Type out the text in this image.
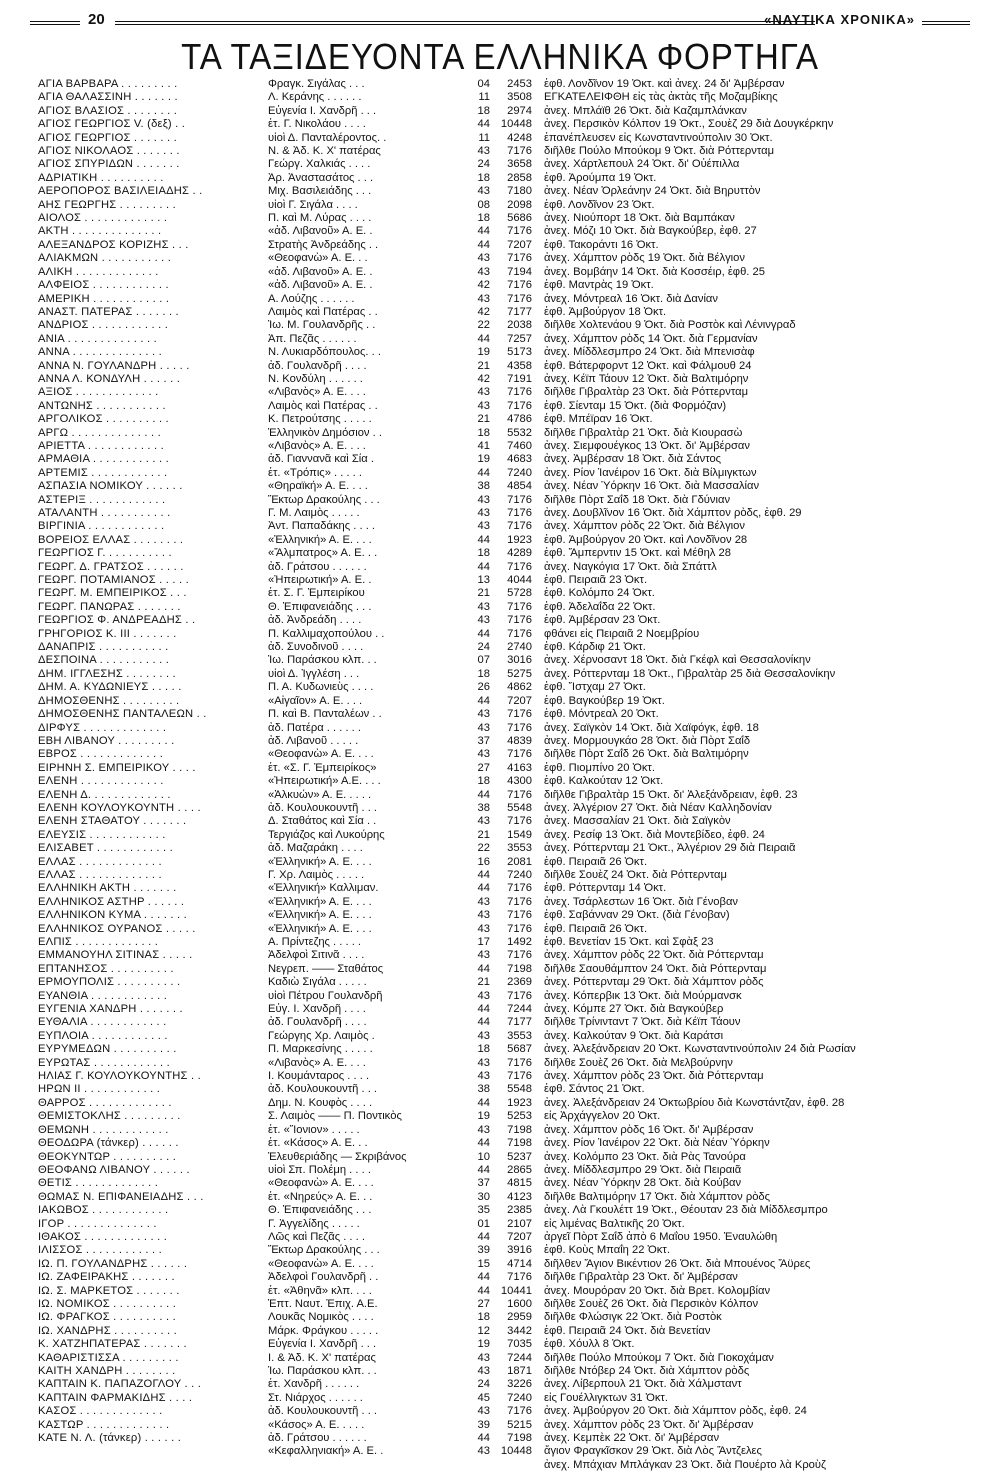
20	«ΝΑΥΤΙΚΑ ΧΡΟΝΙΚΑ»
ΤΑ ΤΑΞΙΔΕΥΟΝΤΑ ΕΛΛΗΝΙΚΑ ΦΟΡΤΗΓΑ
ΑΓΙΑ ΒΑΡΒΑΡΑ . . . . . . . . .	Φραγκ. Σιγάλας . . .	04	2453	ἐφθ. Λονδῖνον 19 Ὀκτ. καὶ ἀνεχ. 24 δι' Ἀμβέρσαν
ΑΓΙΑ ΘΑΛΑΣΣΙΝΗ . . . . . . .	Λ. Κεράνης . . . . . .	11	3508	ΕΓΚΑΤΕΛΕΙΦΘΗ εἰς τὰς ἀκτὰς τῆς Μοζαμβίκης
ΑΓΙΟΣ ΒΛΑΣΙΟΣ . . . . . . . .	Εὐγενία Ι. Χανδρῆ . . .	18	2974	ἀνεχ. Μπλάϊθ 26 Ὀκτ. διὰ Καζαμπλάνκαν
ΑΓΙΟΣ ΓΕΩΡΓΙΟΣ V. (δεξ) . .	ἑτ. Γ. Νικολάου . . . .	44	10448	ἀνεχ. Περσικὸν Κόλπον 19 Ὀκτ., Σουὲζ 29 διὰ Δουγκέρκην
ΑΓΙΟΣ ΓΕΩΡΓΙΟΣ . . . . . . .	υἱοὶ Δ. Πανταλέροντος. .	11	4248	ἐπανέπλευσεν εἰς Κωνσταντινούπολιν 30 Ὀκτ.
ΑΓΙΟΣ ΝΙΚΟΛΑΟΣ . . . . . . .	Ν. & Ἀδ. Κ. Χ' πατέρας	43	7176	διῆλθε Πούλο Μπούκομ 9 Ὀκτ. διὰ Ρόττερνταμ
ΑΓΙΟΣ ΣΠΥΡΙΔΩΝ . . . . . . .	Γεώργ. Χαλκιάς . . . .	24	3658	ἀνεχ. Χάρτλεπουλ 24 Ὀκτ. δι' Οὐέπιλλα
ΑΔΡΙΑΤΙΚΗ . . . . . . . . . .	Ἀρ. Ἀναστασάτος . . .	18	2858	ἐφθ. Ἀρούμπα 19 Ὀκτ.
ΑΕΡΟΠΟΡΟΣ ΒΑΣΙΛΕΙΑΔΗΣ . .	Μιχ. Βασιλειάδης . . .	43	7180	ἀνεχ. Νέαν Ὀρλεάνην 24 Ὀκτ. διὰ Βηρυττὸν
ΑΗΣ ΓΕΩΡΓΗΣ . . . . . . . . .	υἱοὶ Γ. Σιγάλα . . . .	08	2098	ἐφθ. Λονδῖνον 23 Ὀκτ.
ΑΙΟΛΟΣ . . . . . . . . . . . . .	Π. καὶ Μ. Λύρας . . . .	18	5686	ἀνεχ. Νιούπορτ 18 Ὀκτ. διὰ Βαμπάκαν
ΑΚΤΗ . . . . . . . . . . . . . .	«ἀδ. Λιβανοῦ» Α. Ε. .	44	7176	ἀνεχ. Μόζι 10 Ὀκτ. διὰ Βαγκούβερ, ἐφθ. 27
ΑΛΕΞΑΝΔΡΟΣ ΚΟΡΙΖΗΣ . . .	Στρατὴς Ἀνδρεάδης . .	44	7207	ἐφθ. Τακοράντι 16 Ὀκτ.
ΑΛΙΑΚΜΩΝ . . . . . . . . . . .	«Θεοφανὼ» Α. Ε. . .	43	7176	ἀνεχ. Χάμπτον ρὸδς 19 Ὀκτ. διὰ Βέλγιον
ΑΛΙΚΗ . . . . . . . . . . . . .	«ἀδ. Λιβανοῦ» Α. Ε. .	43	7194	ἀνεχ. Βομβάην 14 Ὀκτ. διὰ Κοσσέιρ, ἐφθ. 25
ΑΛΦΕΙΟΣ . . . . . . . . . . . .	«ἀδ. Λιβανοῦ» Α. Ε. .	42	7176	ἐφθ. Μαντρὰς 19 Ὀκτ.
ΑΜΕΡΙΚΗ . . . . . . . . . . . .	Α. Λούζης . . . . . .	43	7176	ἀνεχ. Μόντρεαλ 16 Ὀκτ. διὰ Δανίαν
ΑΝΑΣΤ. ΠΑΤΕΡΑΣ . . . . . . .	Λαιμὸς καὶ Πατέρας . .	42	7177	ἐφθ. Ἀμβούργον 18 Ὀκτ.
ΑΝΔΡΙΟΣ . . . . . . . . . . . .	Ἰω. Μ. Γουλανδρῆς . .	22	2038	διῆλθε Χολτενάου 9 Ὀκτ. διὰ Ροστὸκ καὶ Λένινγραδ
ΑΝΙΑ . . . . . . . . . . . . . .	Ἀπ. Πεζᾶς . . . . . .	44	7257	ἀνεχ. Χάμπτον ρὸδς 14 Ὀκτ. διὰ Γερμανίαν
ΑΝΝΑ . . . . . . . . . . . . . .	Ν. Λυκιαρδόπουλος. . .	19	5173	ἀνεχ. Μίδδλεσμπρο 24 Ὀκτ. διὰ Μπενισὰφ
ΑΝΝΑ Ν. ΓΟΥΛΑΝΔΡΗ . . . . .	ἀδ. Γουλανδρῆ . . . .	21	4358	ἐφθ. Βάτερφορντ 12 Ὀκτ. καὶ Φάλμουθ 24
ΑΝΝΑ Λ. ΚΟΝΔΥΛΗ . . . . . .	Ν. Κονδύλη . . . . . .	42	7191	ἀνεχ. Κέϊπ Τάουν 12 Ὀκτ. διὰ Βαλτιμόρην
ΑΞΙΟΣ . . . . . . . . . . . . .	«Λιβανὸς» Α. Ε. . . .	43	7176	διῆλθε Γιβραλτὰρ 23 Ὀκτ. διὰ Ρόττερνταμ
ΑΝΤΩΝΗΣ . . . . . . . . . . .	Λαιμὸς καὶ Πατέρας . .	43	7176	ἐφθ. Σίενταμ 15 Ὀκτ. (διὰ Φορμόζαν)
ΑΡΓΟΛΙΚΟΣ . . . . . . . . . .	Κ. Πετρούτσης . . . . .	21	4786	ἐφθ. Μπέϊραν 16 Ὀκτ.
ΑΡΓΩ . . . . . . . . . . . . . .	Ἑλληνικὸν Δημόσιον . .	18	5532	διῆλθε Γιβραλτὰρ 21 Ὀκτ. διὰ Κιουρασὼ
ΑΡΙΕΤΤΑ . . . . . . . . . . . .	«Λιβανὸς» Α. Ε. . . .	41	7460	ἀνεχ. Σιεμφουέγκος 13 Ὀκτ. δι' Ἀμβέρσαν
ΑΡΜΑΘΙΑ . . . . . . . . . . . .	ἀδ. Γιαννανᾶ καὶ Σία .	19	4683	ἀνεχ. Ἀμβέρσαν 18 Ὀκτ. διὰ Σάντος
ΑΡΤΕΜΙΣ . . . . . . . . . . . .	ἑτ. «Τρόπις» . . . . .	44	7240	ἀνεχ. Ρίον Ἰανέιρον 16 Ὀκτ. διὰ Βίλμιγκτων
ΑΣΠΑΣΙΑ ΝΟΜΙΚΟΥ . . . . . .	«Θηραϊκή» Α. Ε. . . .	38	4854	ἀνεχ. Νέαν Ὑόρκην 16 Ὀκτ. διὰ Μασσαλίαν
ΑΣΤΕΡΙΞ . . . . . . . . . . . .	Ἕκτωρ Δρακούλης . . .	43	7176	διῆλθε Πὸρτ Σαΐδ 18 Ὀκτ. διὰ Γδύνιαν
ΑΤΑΛΑΝΤΗ . . . . . . . . . . .	Γ. Μ. Λαιμὸς . . . . .	43	7176	ἀνεχ. Δουβλῖνον 16 Ὀκτ. διὰ Χάμπτον ρὸδς, ἐφθ. 29
ΒΙΡΓΙΝΙΑ . . . . . . . . . . . .	Ἀντ. Παπαδάκης . . . .	43	7176	ἀνεχ. Χάμπτον ρὸδς 22 Ὀκτ. διὰ Βέλγιον
ΒΟΡΕΙΟΣ ΕΛΛΑΣ . . . . . . . .	«Ἑλληνική» Α. Ε. . . .	44	1923	ἐφθ. Ἀμβούργον 20 Ὀκτ. καὶ Λονδῖνον 28
ΓΕΩΡΓΙΟΣ Γ. . . . . . . . . . .	«Ἄλμπατρος» Α. Ε. . .	18	4289	ἐφθ. Ἄμπερντιν 15 Ὀκτ. καὶ Μέθηλ 28
ΓΕΩΡΓ. Δ. ΓΡΑΤΣΟΣ . . . . . .	ἀδ. Γράτσου . . . . . .	44	7176	ἀνεχ. Ναγκόγια 17 Ὀκτ. διὰ Σπάττλ
ΓΕΩΡΓ. ΠΟΤΑΜΙΑΝΟΣ . . . . .	«Ἠπειρωτική» Α. Ε. .	13	4044	ἐφθ. Πειραιᾶ 23 Ὀκτ.
ΓΕΩΡΓ. Μ. ΕΜΠΕΙΡΙΚΟΣ . . .	ἑτ. Σ. Γ. Ἐμπειρίκου	21	5728	ἐφθ. Κολόμπο 24 Ὀκτ.
ΓΕΩΡΓ. ΠΑΝΩΡΑΣ . . . . . . .	Θ. Ἐπιφανειάδης . . .	43	7176	ἐφθ. Ἀδελαΐδα 22 Ὀκτ.
ΓΕΩΡΓΙΟΣ Φ. ΑΝΔΡΕΑΔΗΣ . .	ἀδ. Ἀνδρεάδη . . . .	43	7176	ἐφθ. Ἀμβέρσαν 23 Ὀκτ.
ΓΡΗΓΟΡΙΟΣ Κ. ΙΙΙ . . . . . . .	Π. Καλλιμαχοπούλου . .	44	7176	φθάνει εἰς Πειραιᾶ 2 Νοεμβρίου
ΔΑΝΑΠΡΙΣ . . . . . . . . . . .	ἀδ. Συνοδινοῦ . . . .	24	2740	ἐφθ. Κάρδιφ 21 Ὀκτ.
ΔΕΣΠΟΙΝΑ . . . . . . . . . . .	Ἰω. Παράσκου κλπ. . .	07	3016	ἀνεχ. Χέρνοσαντ 18 Ὀκτ. διὰ Γκέφλ καὶ Θεσσαλονίκην
ΔΗΜ. ΙΓΓΛΕΣΗΣ . . . . . . . .	υἱοὶ Δ. Ἰγγλέση . . .	18	5275	ἀνεχ. Ρόττερνταμ 18 Ὀκτ., Γιβραλτὰρ 25 διὰ Θεσσαλονίκην
ΔΗΜ. Α. ΚΥΔΩΝΙΕΥΣ . . . . .	Π. Α. Κυδωνιεὺς . . . .	26	4862	ἐφθ. Ἴστχαμ 27 Ὀκτ.
ΔΗΜΟΣΘΕΝΗΣ . . . . . . . . .	«Αἰγαῖον» Α. Ε. . . .	44	7207	ἐφθ. Βαγκούβερ 19 Ὀκτ.
ΔΗΜΟΣΘΕΝΗΣ ΠΑΝΤΑΛΕΩΝ . .	Π. καὶ Β. Πανταλέων . .	43	7176	ἐφθ. Μόντρεαλ 20 Ὀκτ.
ΔΙΡΦΥΣ . . . . . . . . . . . . .	ἀδ. Πατέρα . . . . . .	43	7176	ἀνεχ. Σαϊγκὸν 14 Ὀκτ. διὰ Χαϊφόγκ, ἐφθ. 18
ΕΒΗ ΛΙΒΑΝΟΥ . . . . . . . . .	ἀδ. Λιβανοῦ . . . . .	37	4839	ἀνεχ. Μορμουγκάο 28 Ὀκτ. διὰ Πὸρτ Σαΐδ
ΕΒΡΟΣ . . . . . . . . . . . . .	«Θεοφανὼ» Α. Ε. . . .	43	7176	διῆλθε Πὸρτ Σαΐδ 26 Ὀκτ. διὰ Βαλτιμόρην
ΕΙΡΗΝΗ Σ. ΕΜΠΕΙΡΙΚΟΥ . . . .	ἑτ. «Σ. Γ. Ἐμπειρίκος»	27	4163	ἐφθ. Πιομπίνο 20 Ὀκτ.
ΕΛΕΝΗ . . . . . . . . . . . . .	«Ἠπειρωτική» Α.Ε. . . .	18	4300	ἐφθ. Καλκούταν 12 Ὀκτ.
ΕΛΕΝΗ Δ. . . . . . . . . . . . .	«Ἀλκυών» Α. Ε. . . . .	44	7176	διῆλθε Γιβραλτὰρ 15 Ὀκτ. δι' Ἀλεξάνδρειαν, ἐφθ. 23
ΕΛΕΝΗ ΚΟΥΛΟΥΚΟΥΝΤΗ . . . .	ἀδ. Κουλουκουντῆ . . .	38	5548	ἀνεχ. Ἀλγέριον 27 Ὀκτ. διὰ Νέαν Καλληδονίαν
ΕΛΕΝΗ ΣΤΑΘΑΤΟΥ . . . . . . .	Δ. Σταθάτος καὶ Σία . .	43	7176	ἀνεχ. Μασσαλίαν 21 Ὀκτ. διὰ Σαϊγκὸν
ΕΛΕΥΣΙΣ . . . . . . . . . . . .	Τεργιάζος καὶ Λυκούρης	21	1549	ἀνεχ. Ρεσίφ 13 Ὀκτ. διὰ Μοντεβίδεο, ἐφθ. 24
ΕΛΙΣΑΒΕΤ . . . . . . . . . . . .	ἀδ. Μαζαράκη . . . .	22	3553	ἀνεχ. Ρόττερνταμ 21 Ὀκτ., Ἀλγέριον 29 διὰ Πειραιᾶ
ΕΛΛΑΣ . . . . . . . . . . . . .	«Ἑλληνική» Α. Ε. . . .	16	2081	ἐφθ. Πειραιᾶ 26 Ὀκτ.
ΕΛΛΑΣ . . . . . . . . . . . . .	Γ. Χρ. Λαιμὸς . . . . .	44	7240	διῆλθε Σουὲζ 24 Ὀκτ. διὰ Ρόττερνταμ
ΕΛΛΗΝΙΚΗ ΑΚΤΗ . . . . . . .	«Ἑλληνική» Καλλιμαν.	44	7176	ἐφθ. Ρόττερνταμ 14 Ὀκτ.
ΕΛΛΗΝΙΚΟΣ ΑΣΤΗΡ . . . . . .	«Ἑλληνική» Α. Ε. . . .	43	7176	ἀνεχ. Τσάρλεστων 16 Ὀκτ. διὰ Γένοβαν
ΕΛΛΗΝΙΚΟΝ ΚΥΜΑ . . . . . . .	«Ἑλληνική» Α. Ε. . . .	43	7176	ἐφθ. Σαβάνναν 29 Ὀκτ. (διὰ Γένοβαν)
ΕΛΛΗΝΙΚΟΣ ΟΥΡΑΝΟΣ . . . . .	«Ἑλληνική» Α. Ε. . . .	43	7176	ἐφθ. Πειραιᾶ 26 Ὀκτ.
ΕΛΠΙΣ . . . . . . . . . . . . .	Α. Πρίντεζης . . . . .	17	1492	ἐφθ. Βενετίαν 15 Ὀκτ. καὶ Σφὰξ 23
ΕΜΜΑΝΟΥΗΛ ΣΙΤΙΝΑΣ . . . . .	Ἀδελφοὶ Σιτινᾶ . . . .	43	7176	ἀνεχ. Χάμπτον ρὸδς 22 Ὀκτ. διὰ Ρόττερνταμ
ΕΠΤΑΝΗΣΟΣ . . . . . . . . . .	Νεγρεπ. —— Σταθάτος	44	7198	διῆλθε Σαουθάμπτον 24 Ὀκτ. διὰ Ρόττερνταμ
ΕΡΜΟΥΠΟΛΙΣ . . . . . . . . . .	Καδιὼ Σιγάλα . . . . .	21	2369	ἀνεχ. Ρόττερνταμ 29 Ὀκτ. διὰ Χάμπτον ρὸδς
ΕΥΑΝΘΙΑ . . . . . . . . . . . .	υἱοὶ Πέτρου Γουλανδρῆ	43	7176	ἀνεχ. Κόπερβικ 13 Ὀκτ. διὰ Μούρμανσκ
ΕΥΓΕΝΙΑ ΧΑΝΔΡΗ . . . . . . .	Εὐγ. Ι. Χανδρῆ . . . .	44	7244	ἀνεχ. Κόμπε 27 Ὀκτ. διὰ Βαγκούβερ
ΕΥΘΑΛΙΑ . . . . . . . . . . . .	ἀδ. Γουλανδρῆ . . . .	44	7177	διῆλθε Τρίνινταντ 7 Ὀκτ. διὰ Κέϊπ Τάουν
ΕΥΠΛΟΙΑ . . . . . . . . . . . .	Γεώργης Χρ. Λαιμὸς .	43	3553	ἀνεχ. Καλκούταν 9 Ὀκτ. διὰ Καράτσι
ΕΥΡΥΜΕΔΩΝ . . . . . . . . . .	Π. Μαρκεσίνης . . . . .	18	5687	ἀνεχ. Ἀλεξάνδρειαν 20 Ὀκτ. Κωνσταντινούπολιν 24 διὰ Ρωσίαν
ΕΥΡΩΤΑΣ . . . . . . . . . . . .	«Λιβανὸς» Α. Ε. . . .	43	7176	διῆλθε Σουὲζ 26 Ὀκτ. διὰ Μελβούρνην
ΗΛΙΑΣ Γ. ΚΟΥΛΟΥΚΟΥΝΤΗΣ . .	Ι. Κουμάνταρος . . . .	43	7176	ἀνεχ. Χάμπτον ρὸδς 23 Ὀκτ. διὰ Ρόττερνταμ
ΗΡΩΝ ΙΙ . . . . . . . . . . . .	ἀδ. Κουλουκουντῆ . . .	38	5548	ἐφθ. Σάντος 21 Ὀκτ.
ΘΑΡΡΟΣ . . . . . . . . . . . . .	Δημ. Ν. Κουφὸς . . . .	44	1923	ἀνεχ. Ἀλεξάνδρειαν 24 Ὀκτωβρίου διὰ Κωνστάντζαν, ἐφθ. 28
ΘΕΜΙΣΤΟΚΛΗΣ . . . . . . . . .	Σ. Λαιμὸς —— Π. Ποντικὸς	19	5253	εἰς Ἀρχάγγελον 20 Ὀκτ.
ΘΕΜΩΝΗ . . . . . . . . . . . .	ἑτ. «Ἴονιον» . . . . .	43	7198	ἀνεχ. Χάμπτον ρὸδς 16 Ὀκτ. δι' Ἀμβέρσαν
ΘΕΟΔΩΡΑ (τάνκερ) . . . . . .	ἑτ. «Κάσος» Α. Ε. . .	44	7198	ἀνεχ. Ρίον Ἰανέιρον 22 Ὀκτ. διὰ Νέαν Ὑόρκην
ΘΕΟΚΥΝΤΩΡ . . . . . . . . . .	Ἐλευθεριάδης — Σκριβάνος	10	5237	ἀνεχ. Κολόμπο 23 Ὀκτ. διὰ Ρὰς Τανούρα
ΘΕΟΦΑΝΩ ΛΙΒΑΝΟΥ . . . . . .	υἱοὶ Σπ. Πολέμη . . . .	44	2865	ἀνεχ. Μίδδλεσμπρο 29 Ὀκτ. διὰ Πειραιᾶ
ΘΕΤΙΣ . . . . . . . . . . . . .	«Θεοφανὼ» Α. Ε. . . .	37	4815	ἀνεχ. Νέαν Ὑόρκην 28 Ὀκτ. διὰ Κούβαν
ΘΩΜΑΣ Ν. ΕΠΙΦΑΝΕΙΑΔΗΣ . . .	ἑτ. «Νηρεύς» Α. Ε. . .	30	4123	διῆλθε Βαλτιμόρην 17 Ὀκτ. διὰ Χάμπτον ρὸδς
ΙΑΚΩΒΟΣ . . . . . . . . . . . .	Θ. Ἐπιφανειάδης . . .	35	2385	ἀνεχ. Λὰ Γκουλέττ 19 Ὀκτ., Θέουταν 23 διὰ Μίδδλεσμπρο
ΙΓΟΡ . . . . . . . . . . . . . .	Γ. Ἀγγελίδης . . . . .	01	2107	εἰς λιμένας Βαλτικῆς 20 Ὀκτ.
ΙΘΑΚΟΣ . . . . . . . . . . . . .	Λῶς καὶ Πεζᾶς . . . .	44	7207	ἀργεῖ Πὸρτ Σαΐδ ἀπὸ 6 Μαΐου 1950. Ἐναυλώθη
ΙΛΙΣΣΟΣ . . . . . . . . . . . .	Ἕκτωρ Δρακούλης . . .	39	3916	ἐφθ. Κοὺς Μπαΐη 22 Ὀκτ.
ΙΩ. Π. ΓΟΥΛΑΝΔΡΗΣ . . . . . .	«Θεοφανὼ» Α. Ε. . . .	15	4714	διῆλθεν Ἅγιον Βικέντιον 26 Ὀκτ. διὰ Μπουένος Ἄϋρες
ΙΩ. ΖΑΦΕΙΡΑΚΗΣ . . . . . . .	Ἀδελφοὶ Γουλανδρῆ . .	44	7176	διῆλθε Γιβραλτὰρ 23 Ὀκτ. δι' Ἀμβέρσαν
ΙΩ. Σ. ΜΑΡΚΕΤΟΣ . . . . . . .	ἑτ. «Ἀθηνᾶ» κλπ. . . .	44	10441	ἀνεχ. Μουρόραν 20 Ὀκτ. διὰ Βρετ. Κολομβίαν
ΙΩ. ΝΟΜΙΚΟΣ . . . . . . . . . .	Ἑπτ. Ναυτ. Ἐπιχ. Α.Ε.	27	1600	διῆλθε Σουὲζ 26 Ὀκτ. διὰ Περσικὸν Κόλπον
ΙΩ. ΦΡΑΓΚΟΣ . . . . . . . . . .	Λουκᾶς Νομικὸς . . . .	18	2959	διῆλθε Φλώσιγκ 22 Ὀκτ. διὰ Ροστὸκ
ΙΩ. ΧΑΝΔΡΗΣ . . . . . . . . . .	Μάρκ. Φράγκου . . . . .	12	3442	ἐφθ. Πειραιᾶ 24 Ὀκτ. διὰ Βενετίαν
Κ. ΧΑΤΖΗΠΑΤΕΡΑΣ . . . . . . .	Εὐγενία Ι. Χανδρῆ . . .	19	7035	ἐφθ. Χόυλλ 8 Ὀκτ.
ΚΑΘΑΡΙΣΤΙΣΣΑ . . . . . . . . .	Ι. & Ἀδ. Κ. Χ' πατέρας	43	7244	διῆλθε Πούλο Μπούκομ 7 Ὀκτ. διὰ Γιοκοχάμαν
ΚΑΙΤΗ ΧΑΝΔΡΗ . . . . . . . .	Ἰω. Παράσκου κλπ. . .	43	1871	διῆλθε Ντόβερ 24 Ὀκτ. διὰ Χάμπτον ρὸδς
ΚΑΠΤΑΙΝ Κ. ΠΑΠΑΖΟΓΛΟΥ . . .	ἑτ. Χανδρῆ . . . . . .	24	3226	ἀνεχ. Λίβερπουλ 21 Ὀκτ. διὰ Χάλμσταντ
ΚΑΠΤΑΙΝ ΦΑΡΜΑΚΙΔΗΣ . . . .	Στ. Νιάρχος . . . . . .	45	7240	εἰς Γουέλλιγκτων 31 Ὀκτ.
ΚΑΣΟΣ . . . . . . . . . . . . .	ἀδ. Κουλουκουντῆ . . .	43	7176	ἀνεχ. Ἀμβούργον 20 Ὀκτ. διὰ Χάμπτον ρὸδς, ἐφθ. 24
ΚΑΣΤΩΡ . . . . . . . . . . . . .	«Κάσος» Α. Ε. . . . .	39	5215	ἀνεχ. Χάμπτον ρὸδς 23 Ὀκτ. δι' Ἀμβέρσαν
ΚΑΤΕ Ν. Λ. (τάνκερ) . . . . . .	ἀδ. Γράτσου . . . . . .	44	7198	ἀνεχ. Κεμπὲκ 22 Ὀκτ. δι' Ἀμβέρσαν
	«Κεφαλληνιακή» Α. Ε. .	43	10448	ἄγιον Φραγκῖσκον 29 Ὀκτ. διὰ Λὸς Ἄντζελες
				ἀνεχ. Μπάχιαν Μπλάγκαν 23 Ὀκτ. διὰ Πουέρτο λὰ Κροὺζ
